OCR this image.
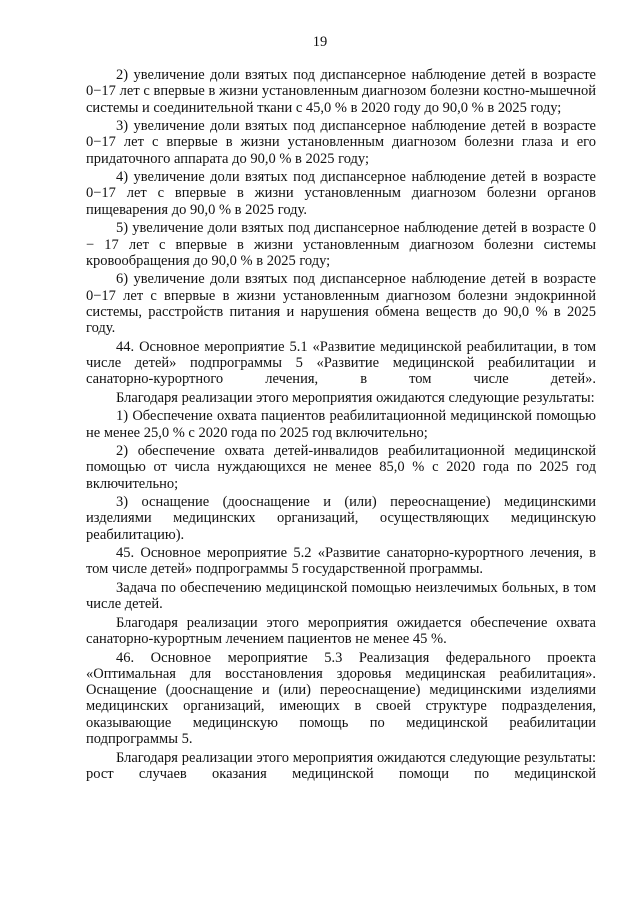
19

2) увеличение доли взятых под диспансерное наблюдение детей в возрасте 0−17 лет с впервые в жизни установленным диагнозом болезни костно-мышечной системы и соединительной ткани с 45,0 % в 2020 году до 90,0 % в 2025 году;

3) увеличение доли взятых под диспансерное наблюдение детей в возрасте 0−17 лет с впервые в жизни установленным диагнозом болезни глаза и его придаточного аппарата до 90,0 % в 2025 году;

4) увеличение доли взятых под диспансерное наблюдение детей в возрасте 0−17 лет с впервые в жизни установленным диагнозом болезни органов пищеварения до 90,0 % в 2025 году.

5) увеличение доли взятых под диспансерное наблюдение детей в возрасте 0 − 17 лет с впервые в жизни установленным диагнозом болезни системы кровообращения до 90,0 % в 2025 году;

6) увеличение доли взятых под диспансерное наблюдение детей в возрасте 0−17 лет с впервые в жизни установленным диагнозом болезни эндокринной системы, расстройств питания и нарушения обмена веществ до 90,0 % в 2025 году.

44. Основное мероприятие 5.1 «Развитие медицинской реабилитации, в том числе детей» подпрограммы 5 «Развитие медицинской реабилитации и санаторно-курортного лечения, в том числе детей».

Благодаря реализации этого мероприятия ожидаются следующие результаты:

1) Обеспечение охвата пациентов реабилитационной медицинской помощью не менее 25,0 % с 2020 года по 2025 год включительно;

2) обеспечение охвата детей-инвалидов реабилитационной медицинской помощью от числа нуждающихся не менее 85,0 % с 2020 года по 2025 год включительно;

3) оснащение (дооснащение и (или) переоснащение) медицинскими изделиями медицинских организаций, осуществляющих медицинскую реабилитацию).

45. Основное мероприятие 5.2 «Развитие санаторно-курортного лечения, в том числе детей» подпрограммы 5 государственной программы.

Задача по обеспечению медицинской помощью неизлечимых больных, в том числе детей.

Благодаря реализации этого мероприятия ожидается обеспечение охвата санаторно-курортным лечением пациентов не менее 45 %.

46. Основное мероприятие 5.3 Реализация федерального проекта «Оптимальная для восстановления здоровья медицинская реабилитация». Оснащение (дооснащение и (или) переоснащение) медицинскими изделиями медицинских организаций, имеющих в своей структуре подразделения, оказывающие медицинскую помощь по медицинской реабилитации подпрограммы 5.

Благодаря реализации этого мероприятия ожидаются следующие результаты: рост случаев оказания медицинской помощи по медицинской
